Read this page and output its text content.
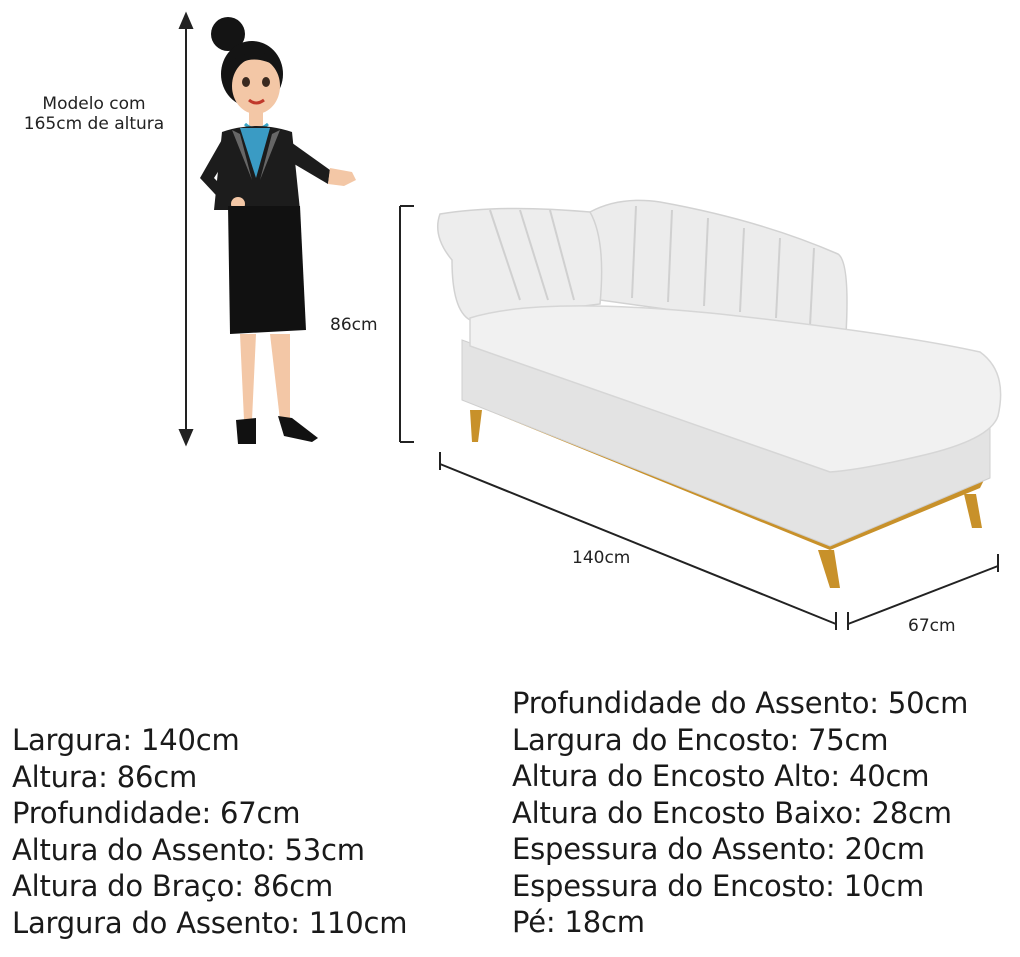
Modelo com
165cm de altura
86cm
140cm
67cm
Largura: 140cm
Altura: 86cm
Profundidade: 67cm
Altura do Assento: 53cm
Altura do Braço: 86cm
Largura do Assento: 110cm
Profundidade do Assento: 50cm
Largura do Encosto: 75cm
Altura do Encosto Alto: 40cm
Altura do Encosto Baixo: 28cm
Espessura do Assento: 20cm
Espessura do Encosto: 10cm
Pé: 18cm
